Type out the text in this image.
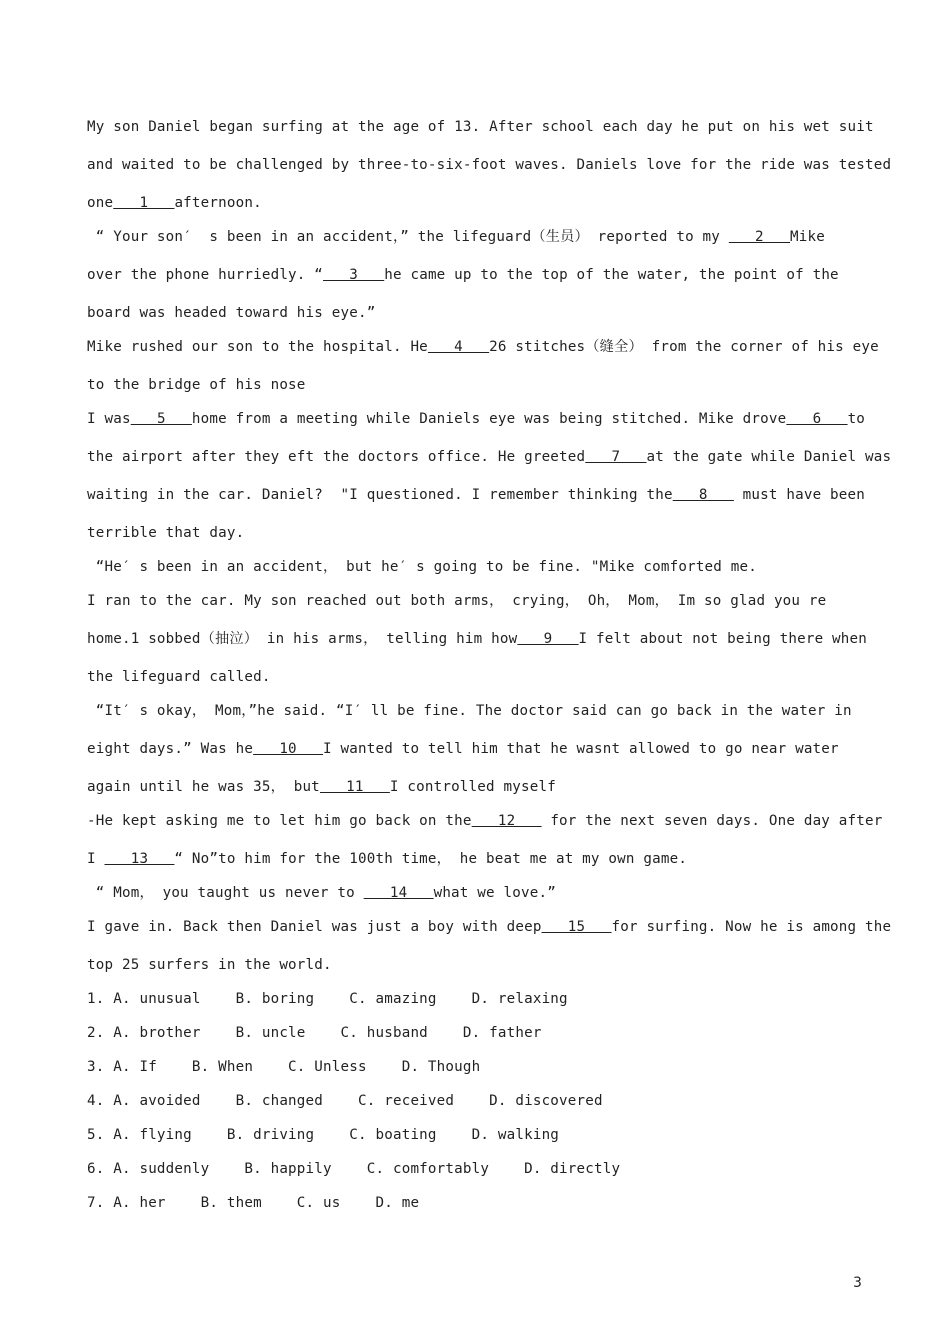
My son Daniel began surfing at the age of 13. After school each day he put on his wet suit
and waited to be challenged by three-to-six-foot waves. Daniels love for the ride was tested
one   1   afternoon.
“ Your son′  s been in an accident，” the lifeguard（生员） reported to my    2   Mike
over the phone hurriedly. “   3   he came up to the top of the water, the point of the
board was headed toward his eye.”
Mike rushed our son to the hospital. He   4   26 stitches（缝全） from the corner of his eye
to the bridge of his nose
I was   5   home from a meeting while Daniels eye was being stitched. Mike drove   6   to
the airport after they eft the doctors office. He greeted   7   at the gate while Daniel was
waiting in the car. Daniel?  "I questioned. I remember thinking the   8    must have been
terrible that day.
“He′ s been in an accident， but he′ s going to be fine. "Mike comforted me.
I ran to the car. My son reached out both arms， crying， Oh， Mom， Im so glad you re
home.1 sobbed（抽泣） in his arms， telling him how   9   I felt about not being there when
the lifeguard called.
“It′ s okay， Mom，”he said. “I′ ll be fine. The doctor said can go back in the water in
eight days.” Was he   10   I wanted to tell him that he wasnt allowed to go near water
again until he was 35， but   11   I controlled myself
-He kept asking me to let him go back on the   12    for the next seven days. One day after
I    13   “ No”to him for the 100th time， he beat me at my own game.
“ Mom， you taught us never to    14   what we love.”
I gave in. Back then Daniel was just a boy with deep   15   for surfing. Now he is among the
top 25 surfers in the world.
1. A. unusual    B. boring    C. amazing    D. relaxing
2. A. brother    B. uncle    C. husband    D. father
3. A. If    B. When    C. Unless    D. Though
4. A. avoided    B. changed    C. received    D. discovered
5. A. flying    B. driving    C. boating    D. walking
6. A. suddenly    B. happily    C. comfortably    D. directly
7. A. her    B. them    C. us    D. me
3
